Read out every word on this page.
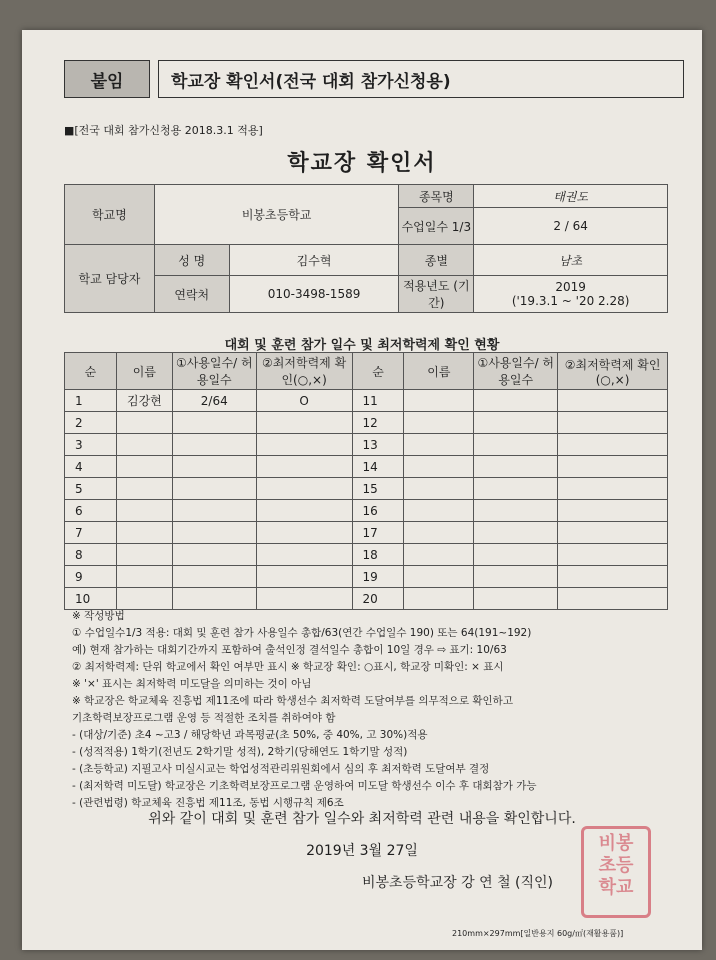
붙임	학교장 확인서(전국 대회 참가신청용)
■[전국 대회 참가신청용 2018.3.1 적용]
학교장 확인서
학교명	비봉초등학교		종목명	태권도
			수업일수 1/3	2 / 64
학교 담당자	성 명	김수혁	종별	남초
	연락처	010-3498-1589	적용년도 (기간)	2019
('19.3.1 ~ '20 2.28)
대회 및 훈련 참가 일수 및 최저학력제 확인 현황
순	이름	①사용일수/ 허용일수	②최저학력제 확인(○,×)	순	이름	①사용일수/ 허용일수	②최저학력제 확인(○,×)
1	김강현	2/64	O	11			
2				12			
3				13			
4				14			
5				15			
6				16			
7				17			
8				18			
9				19			
10				20			
※ 작성방법
① 수업일수1/3 적용: 대회 및 훈련 참가 사용일수 총합/63(연간 수업일수 190) 또는 64(191~192)
예) 현재 참가하는 대회기간까지 포함하여 출석인정 결석일수 총합이 10일 경우 ⇨ 표기: 10/63
② 최저학력제: 단위 학교에서 확인 여부만 표시 ※ 학교장 확인: ○표시, 학교장 미확인: × 표시
※ '×' 표시는 최저학력 미도달을 의미하는 것이 아님
※ 학교장은 학교체육 진흥법 제11조에 따라 학생선수 최저학력 도달여부를 의무적으로 확인하고
기초학력보장프로그램 운영 등 적절한 조치를 취하여야 함
- (대상/기준) 초4 ~고3 / 해당학년 과목평균(초 50%, 중 40%, 고 30%)적용
- (성적적용) 1학기(전년도 2학기말 성적), 2학기(당해연도 1학기말 성적)
- (초등학교) 지필고사 미실시교는 학업성적관리위원회에서 심의 후 최저학력 도달여부 결정
- (최저학력 미도달) 학교장은 기초학력보장프로그램 운영하여 미도달 학생선수 이수 후 대회참가 가능
- (관련법령) 학교체육 진흥법 제11조, 동법 시행규칙 제6조
위와 같이 대회 및 훈련 참가 일수와 최저학력 관련 내용을 확인합니다.
2019년 3월 27일
비봉초등학교장 강 연 철 (직인)
비봉
초등
학교
210mm×297mm[일반용지 60g/㎡(재활용품)]
